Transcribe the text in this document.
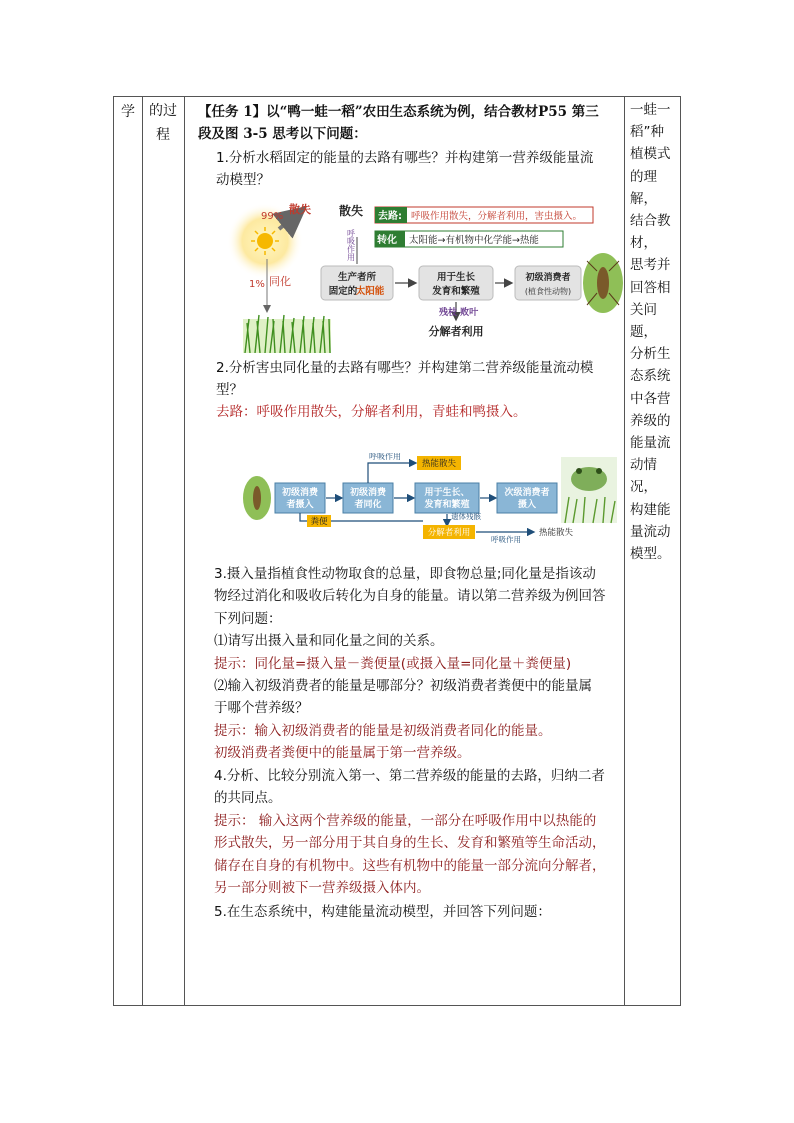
学	的过
程
一蛙一
稻”种
植模式
的理解，
结合教
材，
思考并
回答相
关问题，
分析生
态系统
中各营
养级的
能量流
动情况，
构建能
量流动
模型。
【任务 1】以“鸭一蛙一稻”农田生态系统为例，结合教材P55 第三
段及图 3-5 思考以下问题：
1.分析水稻固定的能量的去路有哪些？并构建第一营养级能量流
动模型？
99%
散失
1% 同化
散失
呼吸作用
生产者所
固定的
太阳能
用于生长
发育和繁殖
初级消费者
(植食性动物)
残枝 败叶
分解者利用
去路: 呼吸作用散失，分解者利用，害虫摄入。
转化 太阳能→有机物中化学能→热能
2.分析害虫同化量的去路有哪些？并构建第二营养级能量流动模
型？
去路：呼吸作用散失，分解者利用，青蛙和鸭摄入。
初级消费
者摄入
初级消费
者同化
用于生长、
发育和繁殖
次级消费者
摄入
呼吸作用
热能散失
粪便
遗体残骸
分解者利用
呼吸作用
热能散失
3.摄入量指植食性动物取食的总量，即食物总量;同化量是指该动
物经过消化和吸收后转化为自身的能量。请以第二营养级为例回答
下列问题：
⑴请写出摄入量和同化量之间的关系。
提示：同化量=摄入量－粪便量(或摄入量=同化量＋粪便量)
⑵输入初级消费者的能量是哪部分？初级消费者粪便中的能量属
于哪个营养级？
提示：输入初级消费者的能量是初级消费者同化的能量。
初级消费者粪便中的能量属于第一营养级。
4.分析、比较分别流入第一、第二营养级的能量的去路，归纳二者
的共同点。
提示： 输入这两个营养级的能量，一部分在呼吸作用中以热能的
形式散失，另一部分用于其自身的生长、发育和繁殖等生命活动，
储存在自身的有机物中。这些有机物中的能量一部分流向分解者，
另一部分则被下一营养级摄入体内。
5.在生态系统中，构建能量流动模型，并回答下列问题：
